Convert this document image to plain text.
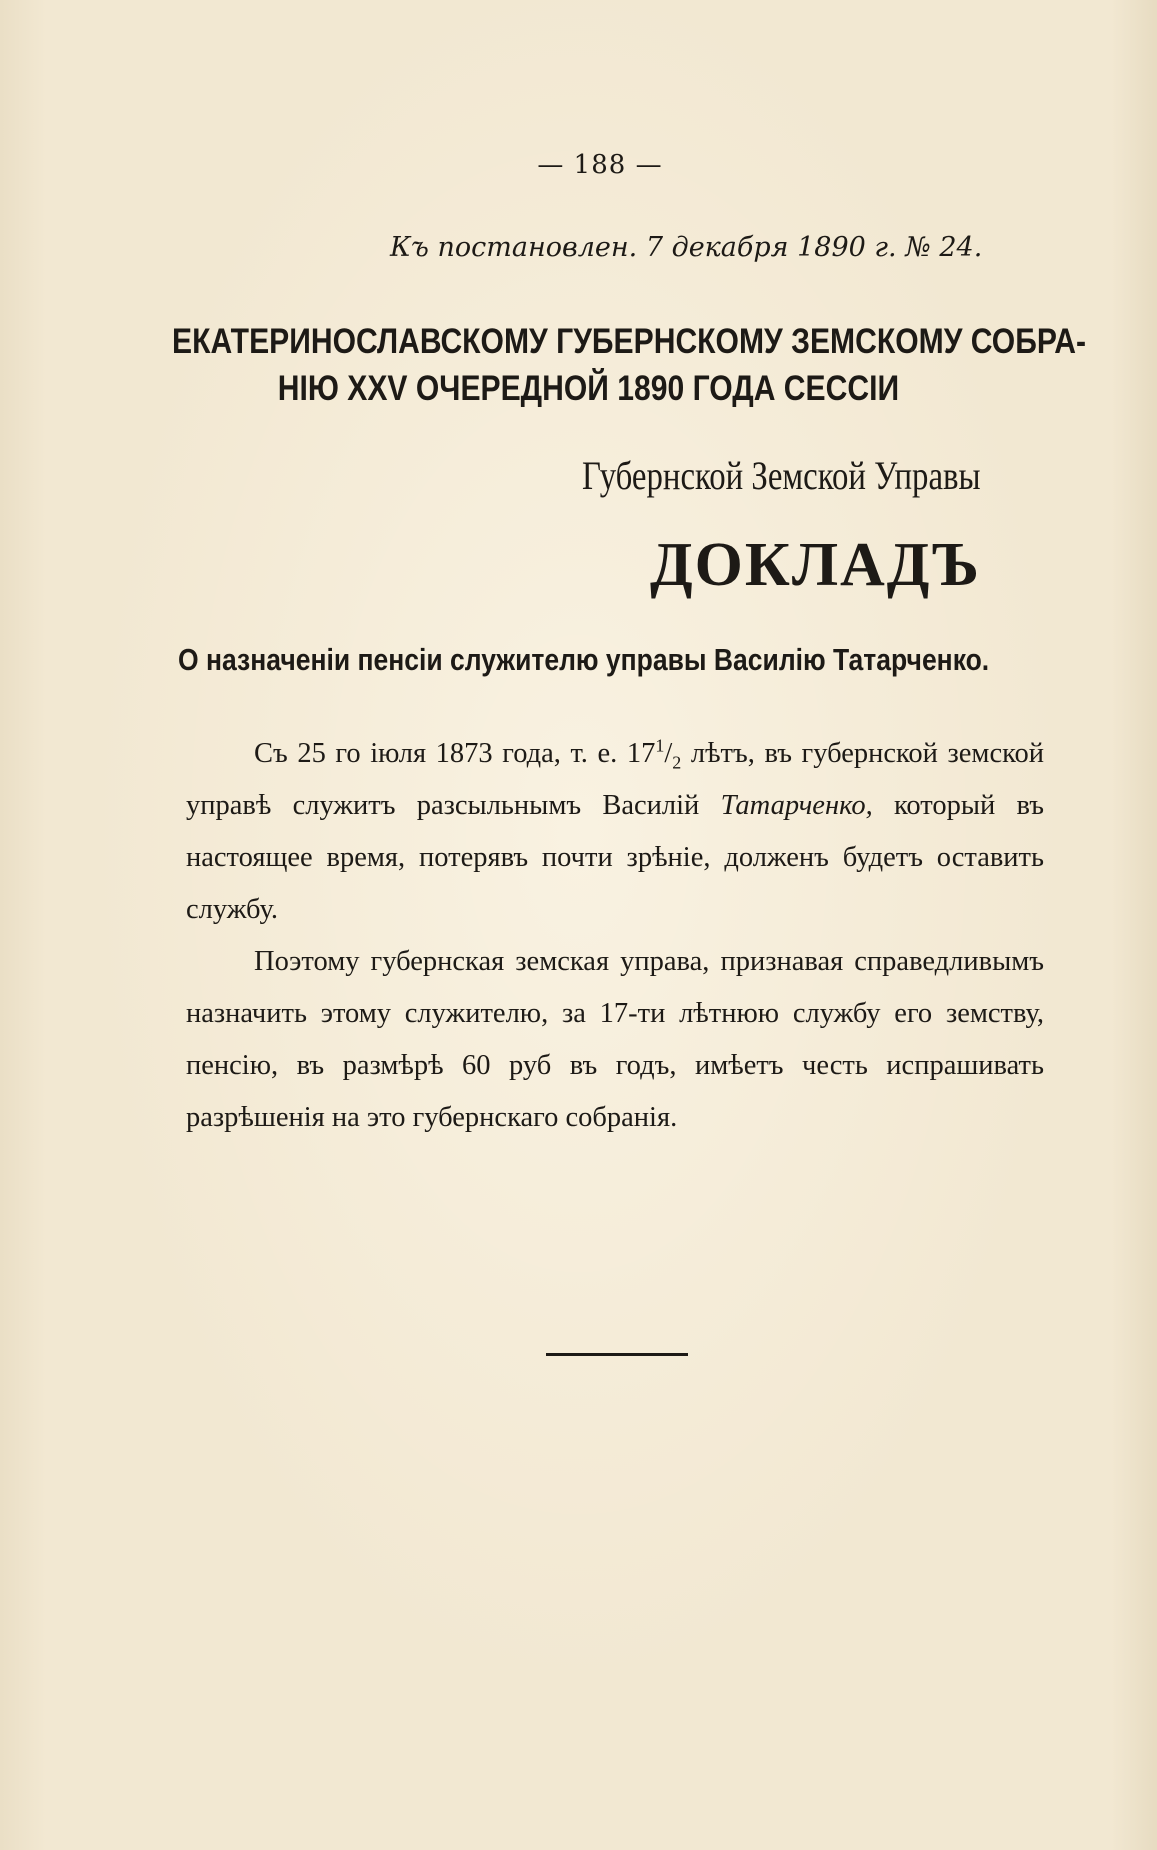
— 188 —
Къ постановлен. 7 декабря 1890 г. № 24.
ЕКАТЕРИНОСЛАВСКОМУ ГУБЕРНСКОМУ ЗЕМСКОМУ СОБРА-
НІЮ XXV ОЧЕРЕДНОЙ 1890 ГОДА СЕССІИ
Губернской Земской Управы
ДОКЛАДЪ
О назначеніи пенсіи служителю управы Василію Татарченко.

Съ 25 го іюля 1873 года, т. е. $17^1/_2$ лѣтъ, въ губернской земской управѣ служитъ разсыльнымъ Василій Татарченко, который въ настоящее время, потерявъ почти зрѣніе, долженъ будетъ оставить службу.

Поэтому губернская земская управа, признавая справедливымъ назначить этому служителю, за 17-ти лѣтнюю службу его земству, пенсію, въ размѣрѣ 60 руб въ годъ, имѣетъ честь испрашивать разрѣшенія на это губернскаго собранія.
